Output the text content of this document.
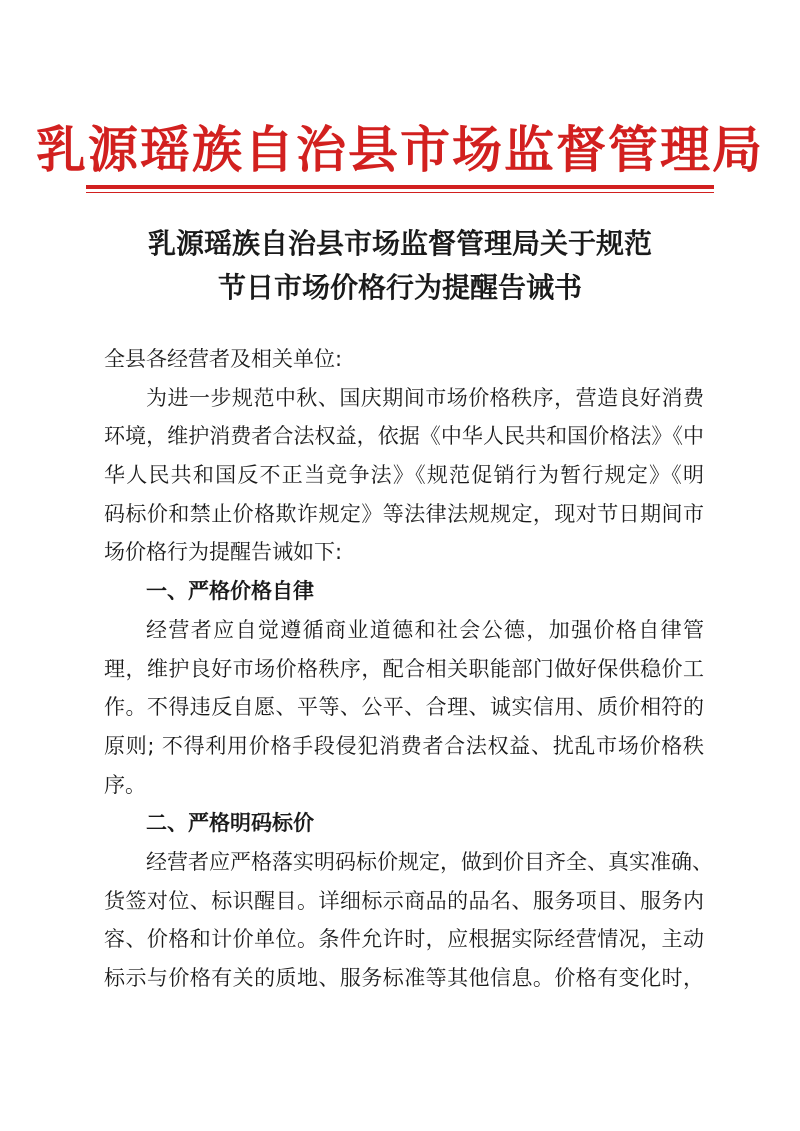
乳源瑶族自治县市场监督管理局
乳源瑶族自治县市场监督管理局关于规范
节日市场价格行为提醒告诫书
全县各经营者及相关单位:
为进一步规范中秋、国庆期间市场价格秩序，营造良好消费
环境，维护消费者合法权益，依据《中华人民共和国价格法》《中
华人民共和国反不正当竞争法》《规范促销行为暂行规定》《明
码标价和禁止价格欺诈规定》等法律法规规定，现对节日期间市
场价格行为提醒告诫如下:
一、严格价格自律
经营者应自觉遵循商业道德和社会公德，加强价格自律管
理，维护良好市场价格秩序，配合相关职能部门做好保供稳价工
作。不得违反自愿、平等、公平、合理、诚实信用、质价相符的
原则; 不得利用价格手段侵犯消费者合法权益、扰乱市场价格秩
序。
二、严格明码标价
经营者应严格落实明码标价规定，做到价目齐全、真实准确、
货签对位、标识醒目。详细标示商品的品名、服务项目、服务内
容、价格和计价单位。条件允许时，应根据实际经营情况，主动
标示与价格有关的质地、服务标准等其他信息。价格有变化时，
